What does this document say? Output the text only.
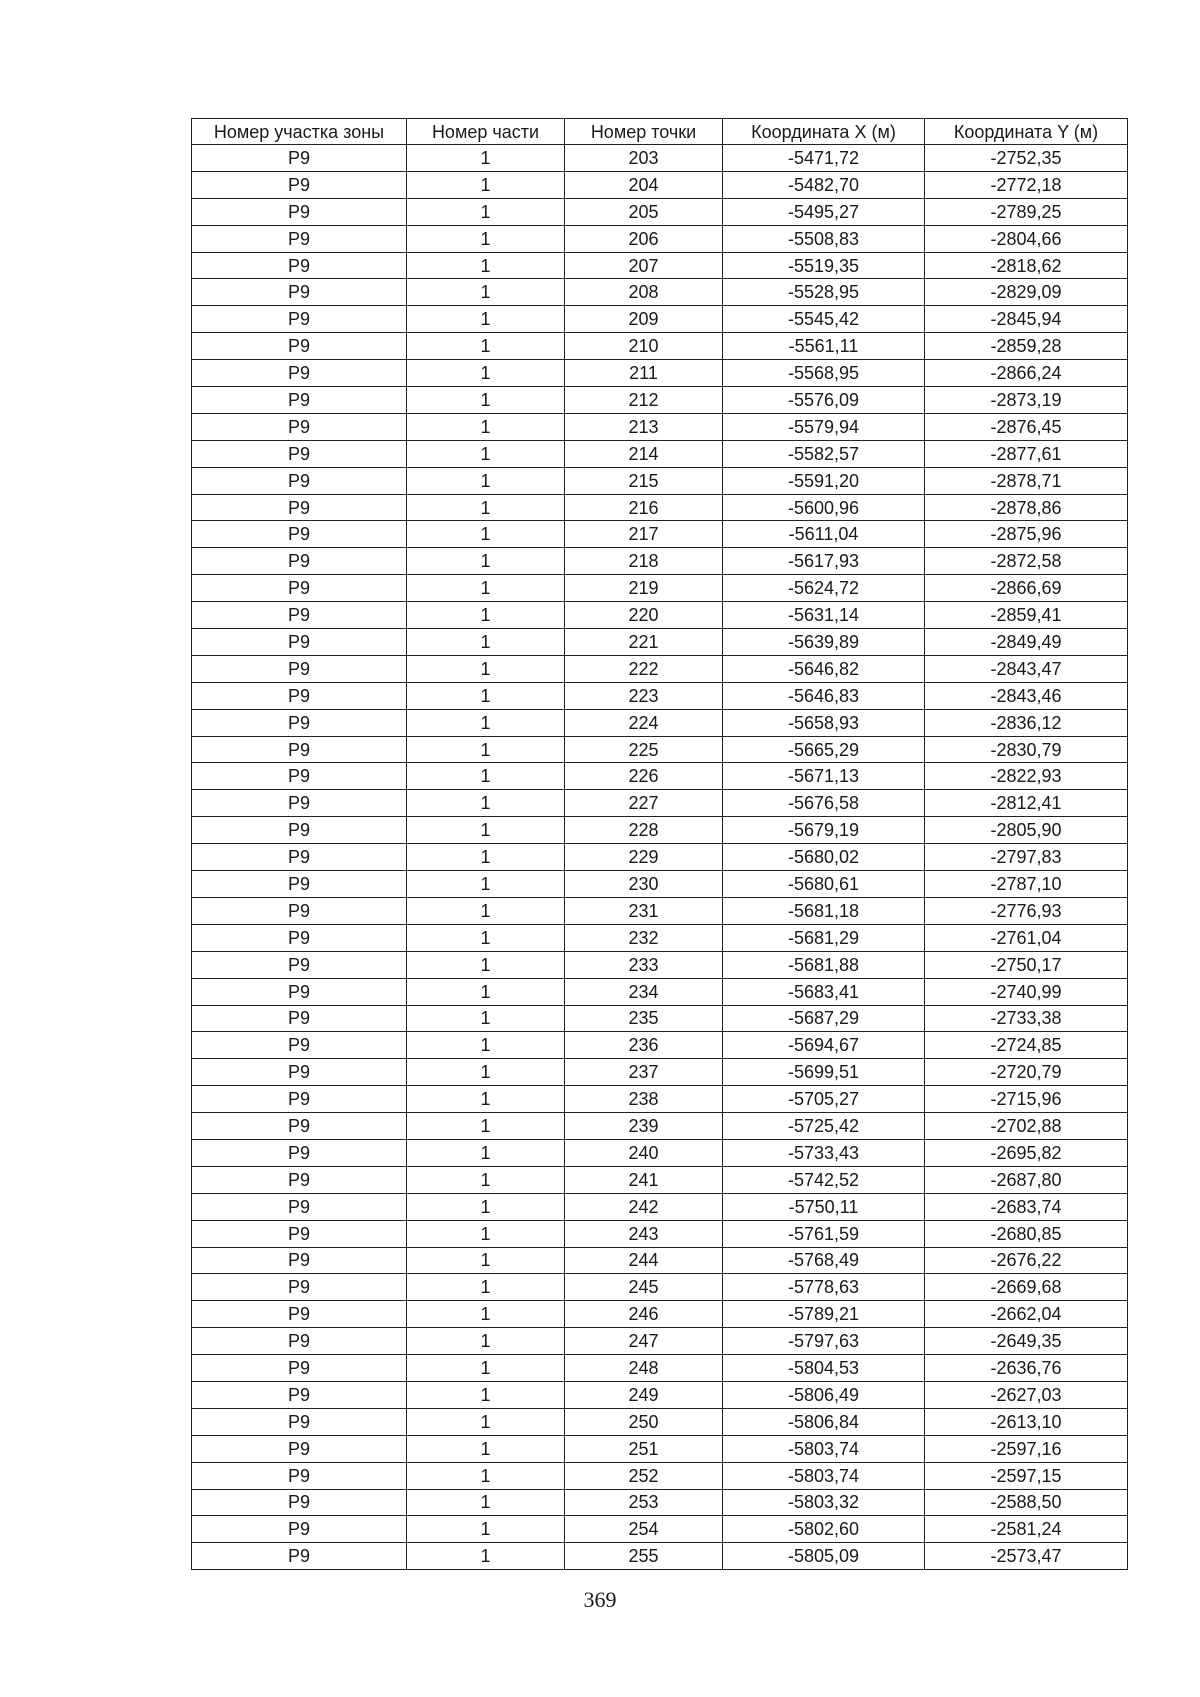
Номер участка зоны	Номер части	Номер точки	Координата X (м)	Координата Y (м)
Р9	1	203	-5471,72	-2752,35
Р9	1	204	-5482,70	-2772,18
Р9	1	205	-5495,27	-2789,25
Р9	1	206	-5508,83	-2804,66
Р9	1	207	-5519,35	-2818,62
Р9	1	208	-5528,95	-2829,09
Р9	1	209	-5545,42	-2845,94
Р9	1	210	-5561,11	-2859,28
Р9	1	211	-5568,95	-2866,24
Р9	1	212	-5576,09	-2873,19
Р9	1	213	-5579,94	-2876,45
Р9	1	214	-5582,57	-2877,61
Р9	1	215	-5591,20	-2878,71
Р9	1	216	-5600,96	-2878,86
Р9	1	217	-5611,04	-2875,96
Р9	1	218	-5617,93	-2872,58
Р9	1	219	-5624,72	-2866,69
Р9	1	220	-5631,14	-2859,41
Р9	1	221	-5639,89	-2849,49
Р9	1	222	-5646,82	-2843,47
Р9	1	223	-5646,83	-2843,46
Р9	1	224	-5658,93	-2836,12
Р9	1	225	-5665,29	-2830,79
Р9	1	226	-5671,13	-2822,93
Р9	1	227	-5676,58	-2812,41
Р9	1	228	-5679,19	-2805,90
Р9	1	229	-5680,02	-2797,83
Р9	1	230	-5680,61	-2787,10
Р9	1	231	-5681,18	-2776,93
Р9	1	232	-5681,29	-2761,04
Р9	1	233	-5681,88	-2750,17
Р9	1	234	-5683,41	-2740,99
Р9	1	235	-5687,29	-2733,38
Р9	1	236	-5694,67	-2724,85
Р9	1	237	-5699,51	-2720,79
Р9	1	238	-5705,27	-2715,96
Р9	1	239	-5725,42	-2702,88
Р9	1	240	-5733,43	-2695,82
Р9	1	241	-5742,52	-2687,80
Р9	1	242	-5750,11	-2683,74
Р9	1	243	-5761,59	-2680,85
Р9	1	244	-5768,49	-2676,22
Р9	1	245	-5778,63	-2669,68
Р9	1	246	-5789,21	-2662,04
Р9	1	247	-5797,63	-2649,35
Р9	1	248	-5804,53	-2636,76
Р9	1	249	-5806,49	-2627,03
Р9	1	250	-5806,84	-2613,10
Р9	1	251	-5803,74	-2597,16
Р9	1	252	-5803,74	-2597,15
Р9	1	253	-5803,32	-2588,50
Р9	1	254	-5802,60	-2581,24
Р9	1	255	-5805,09	-2573,47
369
